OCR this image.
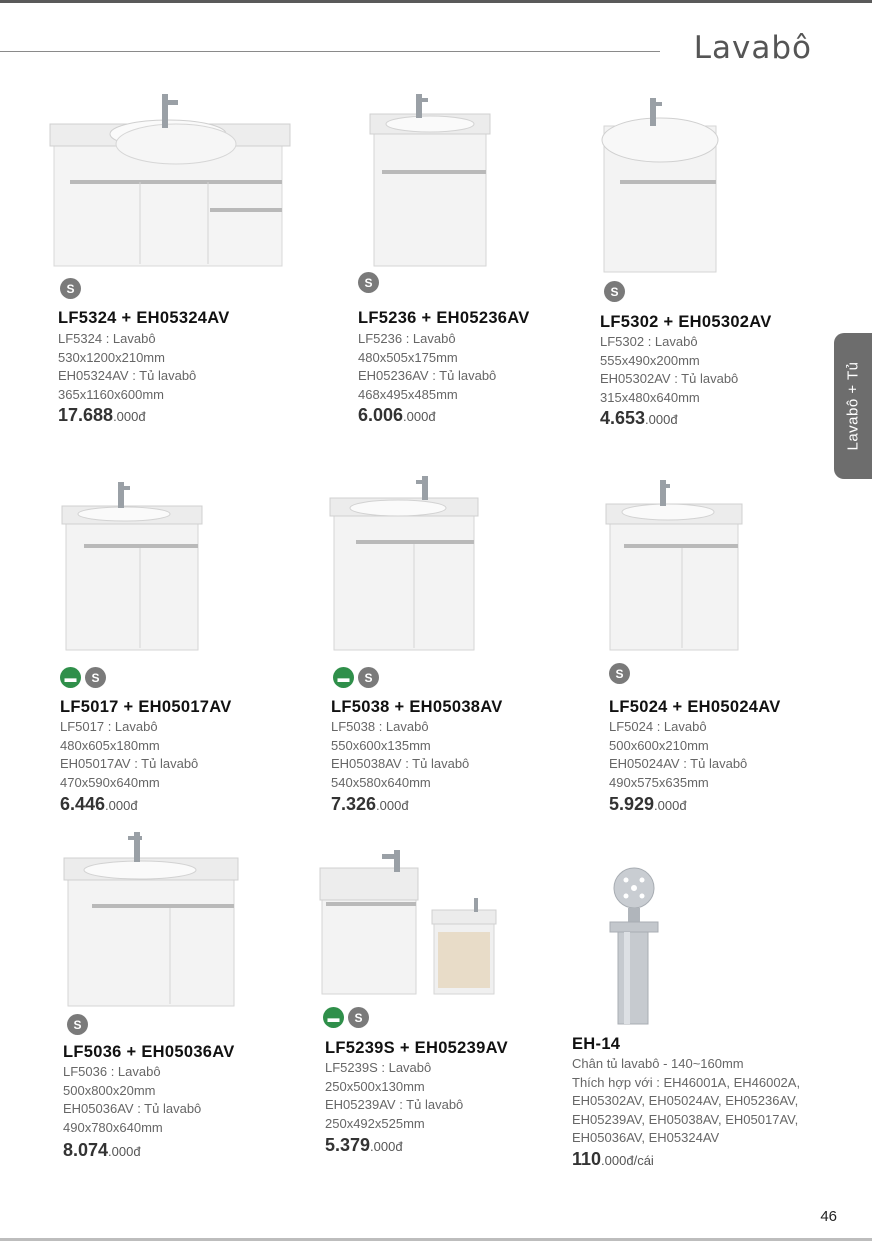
Lavabô
Lavabô + Tủ
S
LF5324 + EH05324AV
LF5324 : Lavabô
530x1200x210mm
EH05324AV : Tủ lavabô
365x1160x600mm
17.688.000đ
S
LF5236 + EH05236AV
LF5236 : Lavabô
480x505x175mm
EH05236AV : Tủ lavabô
468x495x485mm
6.006.000đ
S
LF5302 + EH05302AV
LF5302 : Lavabô
555x490x200mm
EH05302AV : Tủ lavabô
315x480x640mm
4.653.000đ
▬	S
LF5017 + EH05017AV
LF5017 : Lavabô
480x605x180mm
EH05017AV : Tủ lavabô
470x590x640mm
6.446.000đ
▬	S
LF5038 + EH05038AV
LF5038 : Lavabô
550x600x135mm
EH05038AV : Tủ lavabô
540x580x640mm
7.326.000đ
S
LF5024 + EH05024AV
LF5024 : Lavabô
500x600x210mm
EH05024AV : Tủ lavabô
490x575x635mm
5.929.000đ
S
LF5036 + EH05036AV
LF5036 : Lavabô
500x800x20mm
EH05036AV : Tủ lavabô
490x780x640mm
8.074.000đ
▬	S
LF5239S + EH05239AV
LF5239S : Lavabô
250x500x130mm
EH05239AV : Tủ lavabô
250x492x525mm
5.379.000đ
EH-14
Chân tủ lavabô - 140~160mm
Thích hợp với : EH46001A, EH46002A,
EH05302AV, EH05024AV, EH05236AV,
EH05239AV, EH05038AV, EH05017AV,
EH05036AV, EH05324AV
110.000đ/cái
46
